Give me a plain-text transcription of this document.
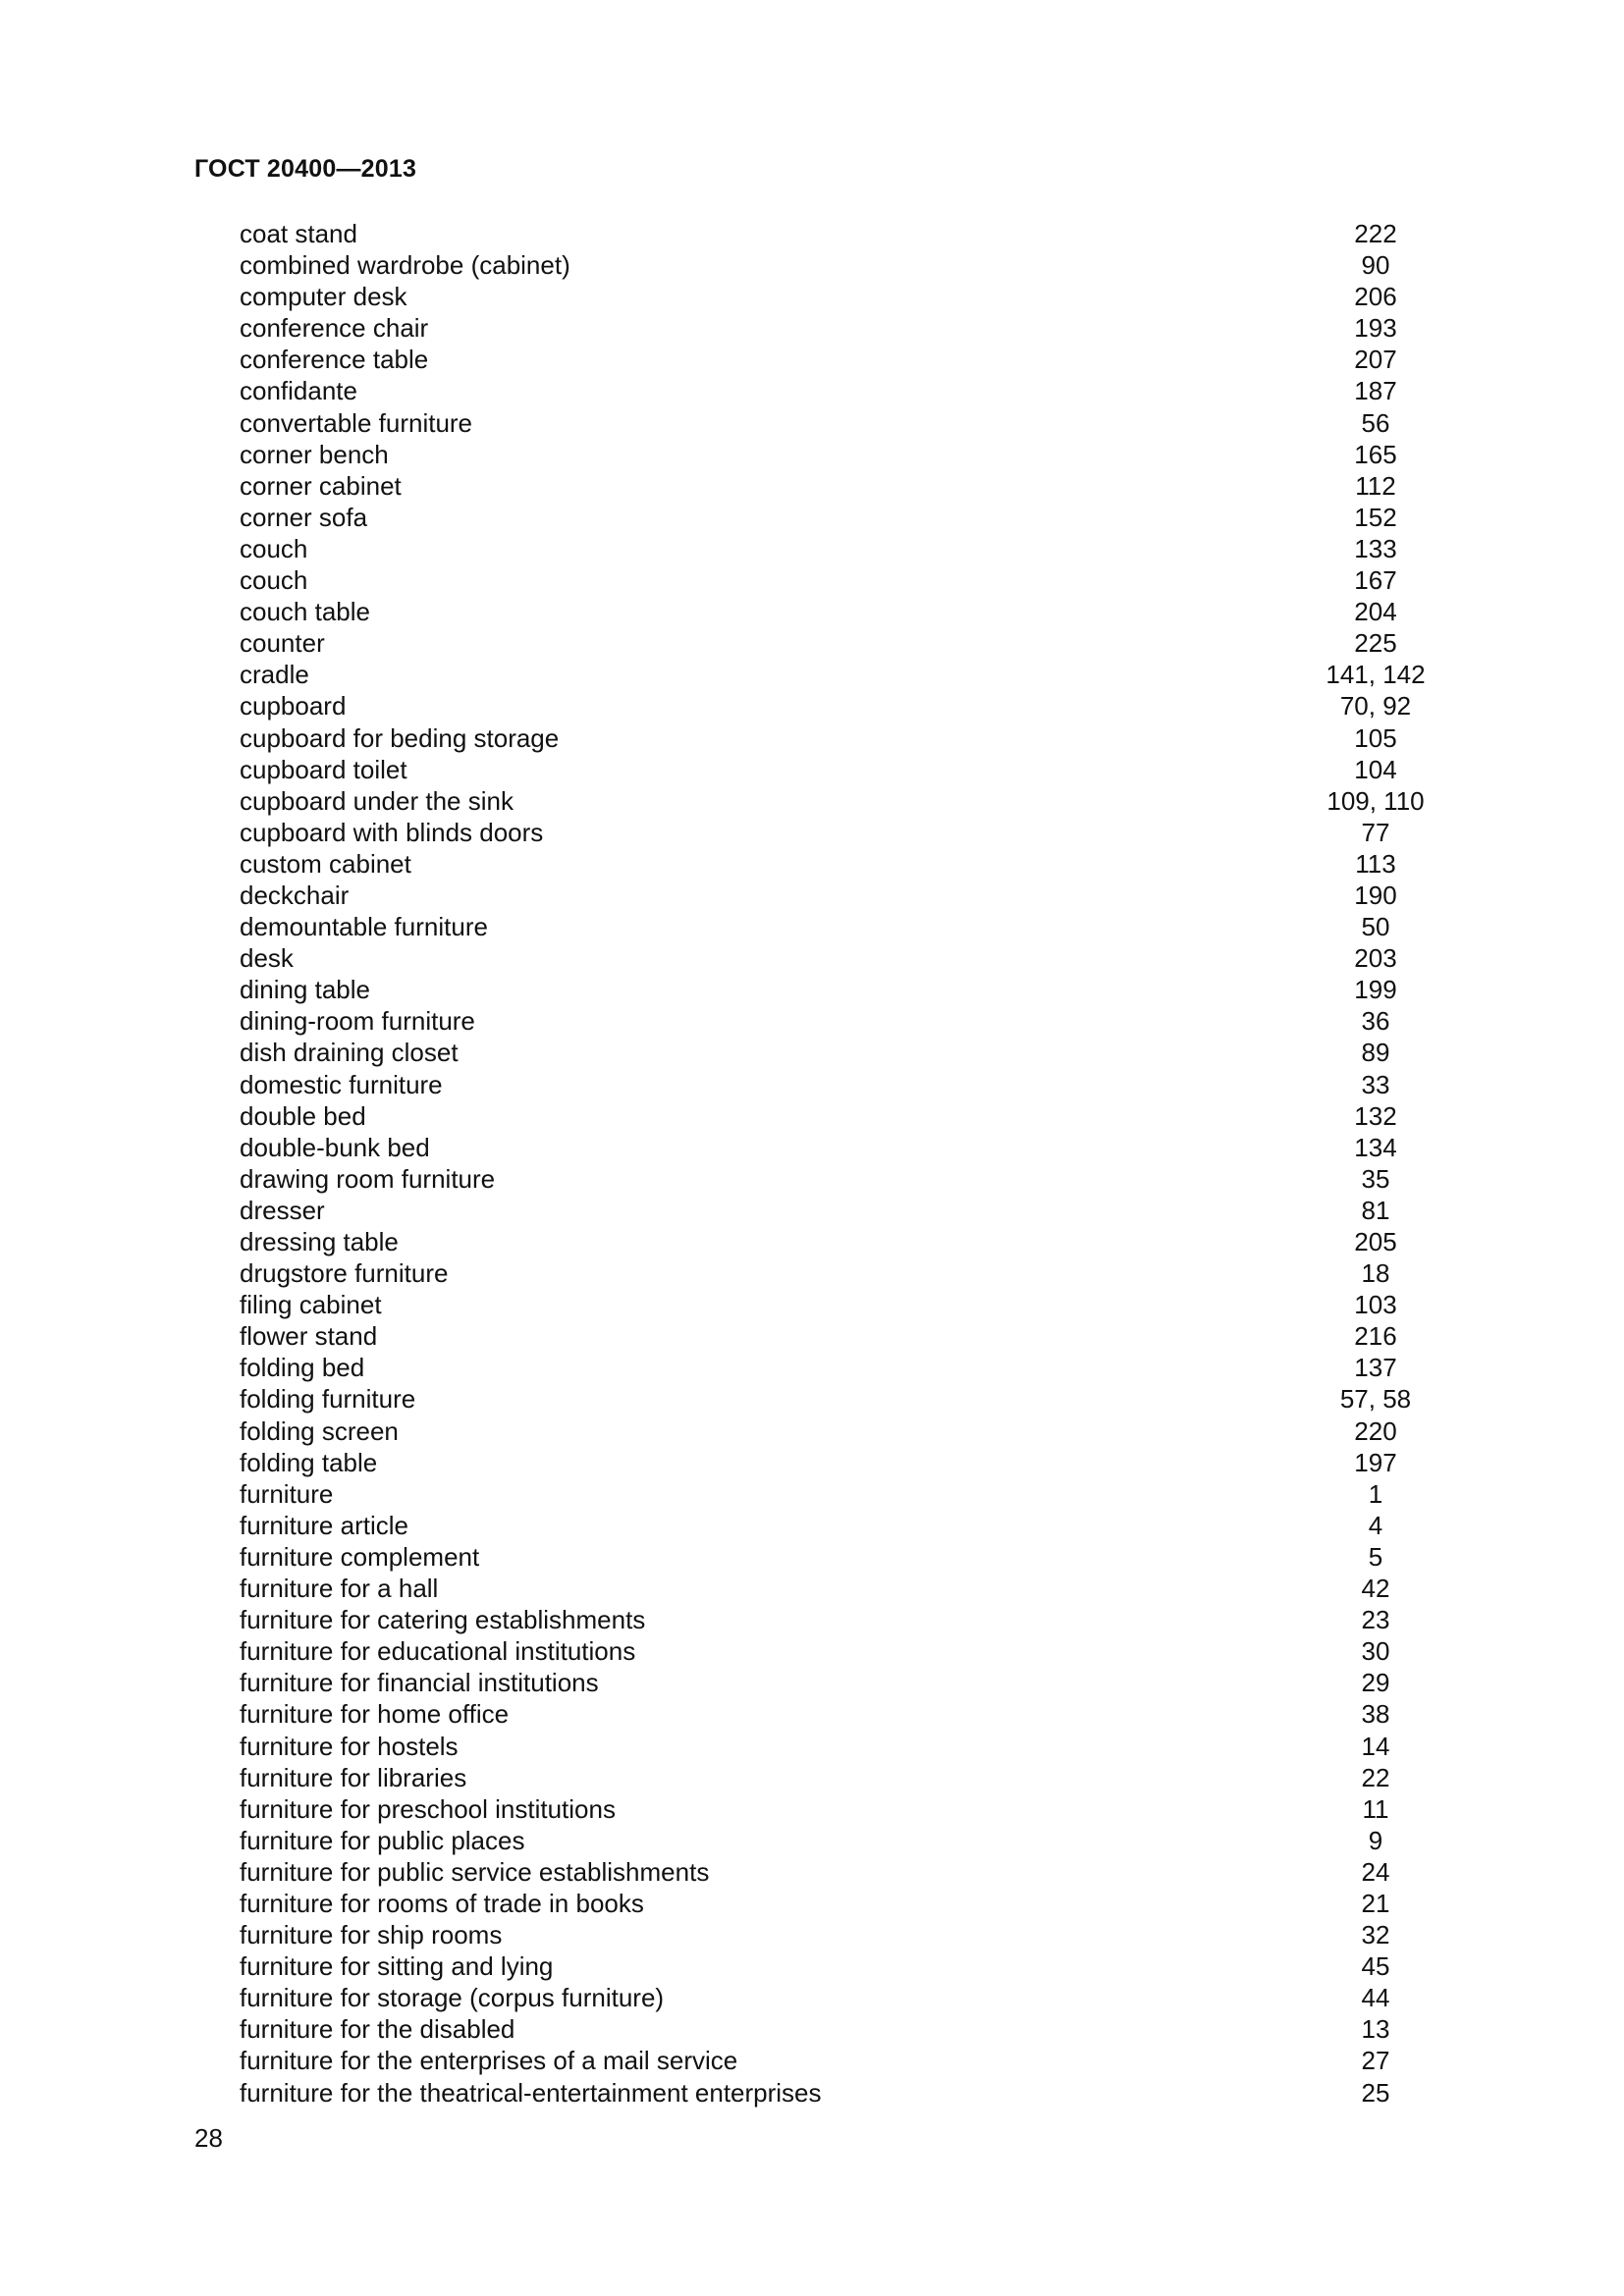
ГОСТ 20400—2013
coat stand	222
combined wardrobe (cabinet)	90
computer desk	206
conference chair	193
conference table	207
confidante	187
convertable furniture	56
corner bench	165
corner cabinet	112
corner sofa	152
couch	133
couch	167
couch table	204
counter	225
cradle	141, 142
cupboard	70, 92
cupboard for beding storage	105
cupboard toilet	104
cupboard under the sink	109, 110
cupboard with blinds doors	77
custom cabinet	113
deckchair	190
demountable furniture	50
desk	203
dining table	199
dining-room furniture	36
dish draining closet	89
domestic furniture	33
double bed	132
double-bunk bed	134
drawing room furniture	35
dresser	81
dressing table	205
drugstore furniture	18
filing cabinet	103
flower stand	216
folding bed	137
folding furniture	57, 58
folding screen	220
folding table	197
furniture	1
furniture article	4
furniture complement	5
furniture for a hall	42
furniture for catering establishments	23
furniture for educational institutions	30
furniture for financial institutions	29
furniture for home office	38
furniture for hostels	14
furniture for libraries	22
furniture for preschool institutions	11
furniture for public places	9
furniture for public service establishments	24
furniture for rooms of trade in books	21
furniture for ship rooms	32
furniture for sitting and lying	45
furniture for storage (corpus furniture)	44
furniture for the disabled	13
furniture for the enterprises of a mail service	27
furniture for the theatrical-entertainment enterprises	25
28
